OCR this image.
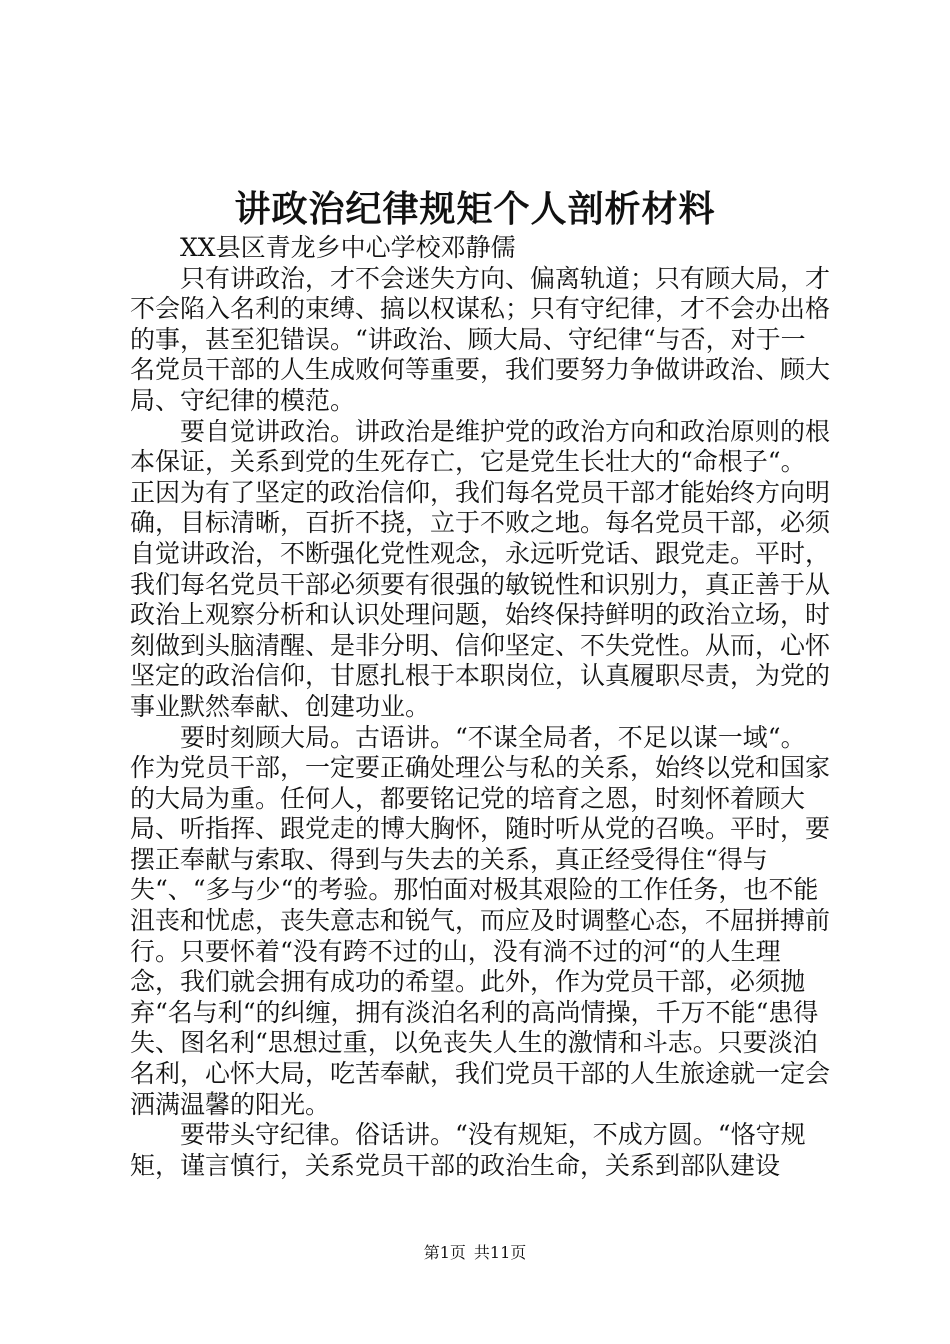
讲政治纪律规矩个人剖析材料

XX县区青龙乡中心学校邓静儒

只有讲政治，才不会迷失方向、偏离轨道；只有顾大局，才不会陷入名利的束缚、搞以权谋私；只有守纪律，才不会办出格的事，甚至犯错误。“讲政治、顾大局、守纪律“与否，对于一名党员干部的人生成败何等重要，我们要努力争做讲政治、顾大局、守纪律的模范。

要自觉讲政治。讲政治是维护党的政治方向和政治原则的根本保证，关系到党的生死存亡，它是党生长壮大的“命根子“。正因为有了坚定的政治信仰，我们每名党员干部才能始终方向明确，目标清晰，百折不挠，立于不败之地。每名党员干部，必须自觉讲政治，不断强化党性观念，永远听党话、跟党走。平时，我们每名党员干部必须要有很强的敏锐性和识别力，真正善于从政治上观察分析和认识处理问题，始终保持鲜明的政治立场，时刻做到头脑清醒、是非分明、信仰坚定、不失党性。从而，心怀坚定的政治信仰，甘愿扎根于本职岗位，认真履职尽责，为党的事业默然奉献、创建功业。

要时刻顾大局。古语讲。“不谋全局者，不足以谋一域“。作为党员干部，一定要正确处理公与私的关系，始终以党和国家的大局为重。任何人，都要铭记党的培育之恩，时刻怀着顾大局、听指挥、跟党走的博大胸怀，随时听从党的召唤。平时，要摆正奉献与索取、得到与失去的关系，真正经受得住“得与失“、“多与少“的考验。那怕面对极其艰险的工作任务，也不能沮丧和忧虑，丧失意志和锐气，而应及时调整心态，不屈拼搏前行。只要怀着“没有跨不过的山，没有淌不过的河“的人生理念，我们就会拥有成功的希望。此外，作为党员干部，必须抛弃“名与利“的纠缠，拥有淡泊名利的高尚情操，千万不能“患得失、图名利“思想过重，以免丧失人生的激情和斗志。只要淡泊名利，心怀大局，吃苦奉献，我们党员干部的人生旅途就一定会洒满温馨的阳光。

要带头守纪律。俗话讲。“没有规矩，不成方圆。“恪守规矩，谨言慎行，关系党员干部的政治生命，关系到部队建设

第1页 共11页
